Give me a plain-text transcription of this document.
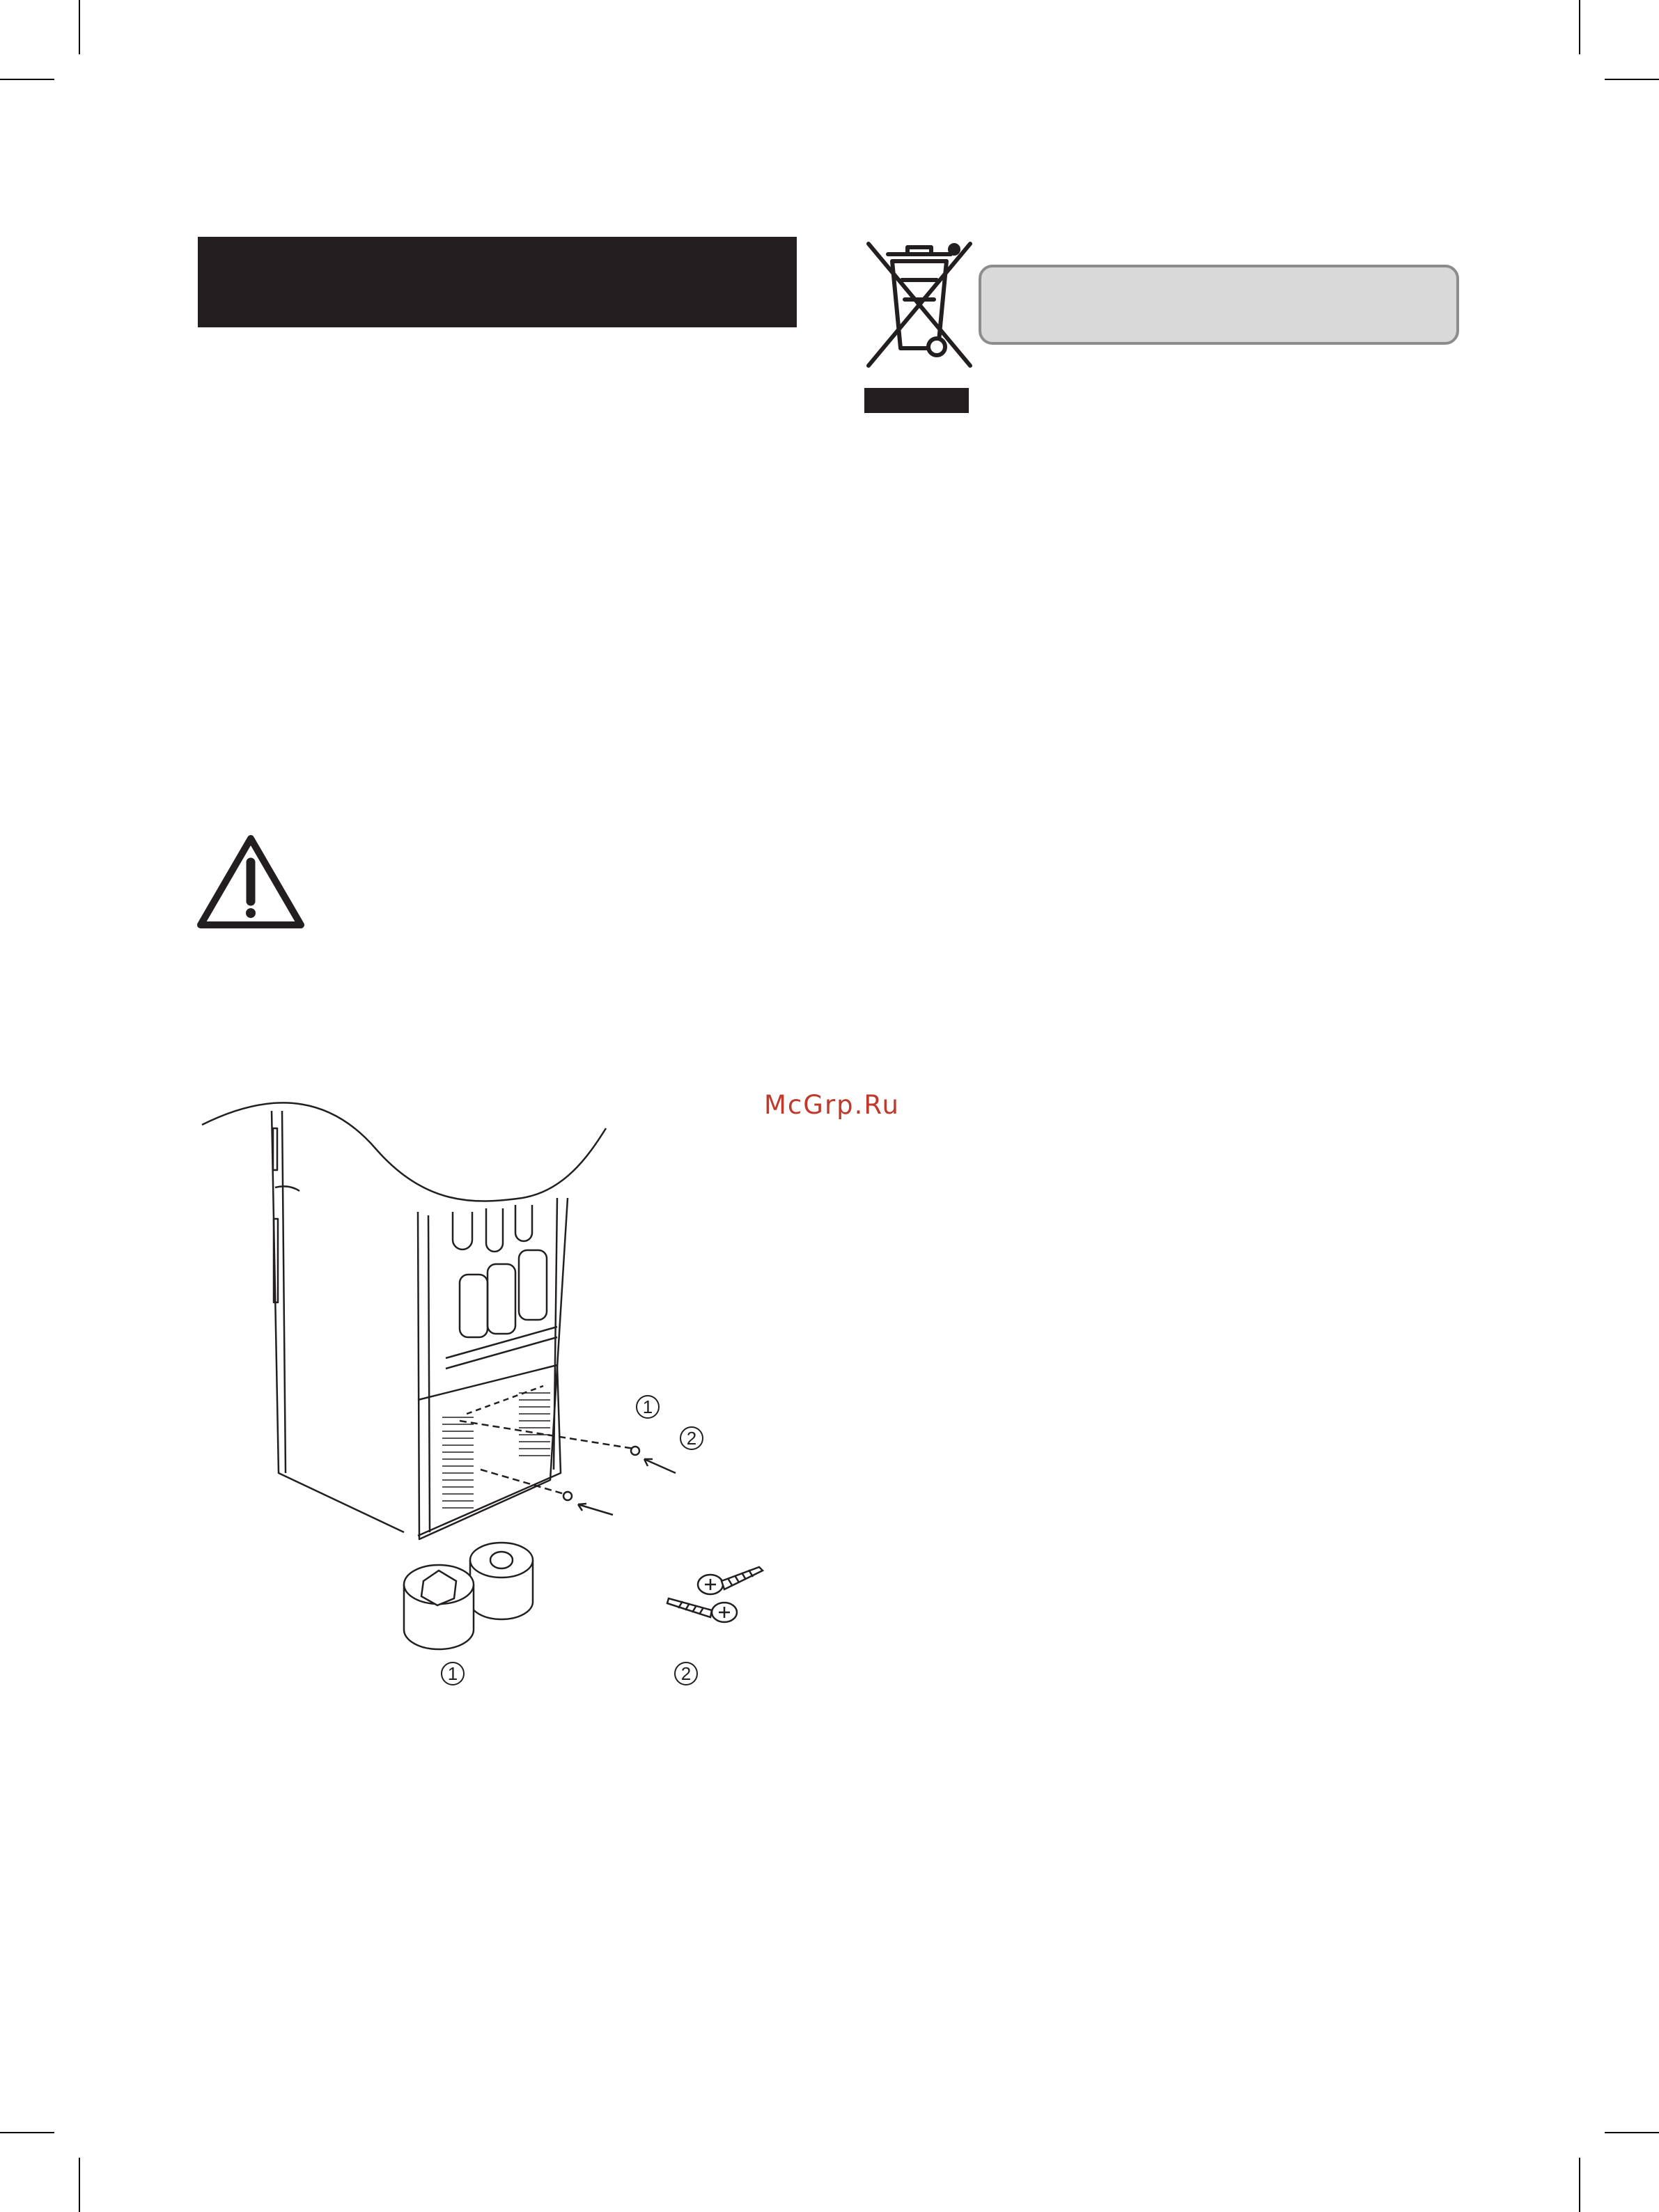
McGrp.Ru
1
2
1	2
